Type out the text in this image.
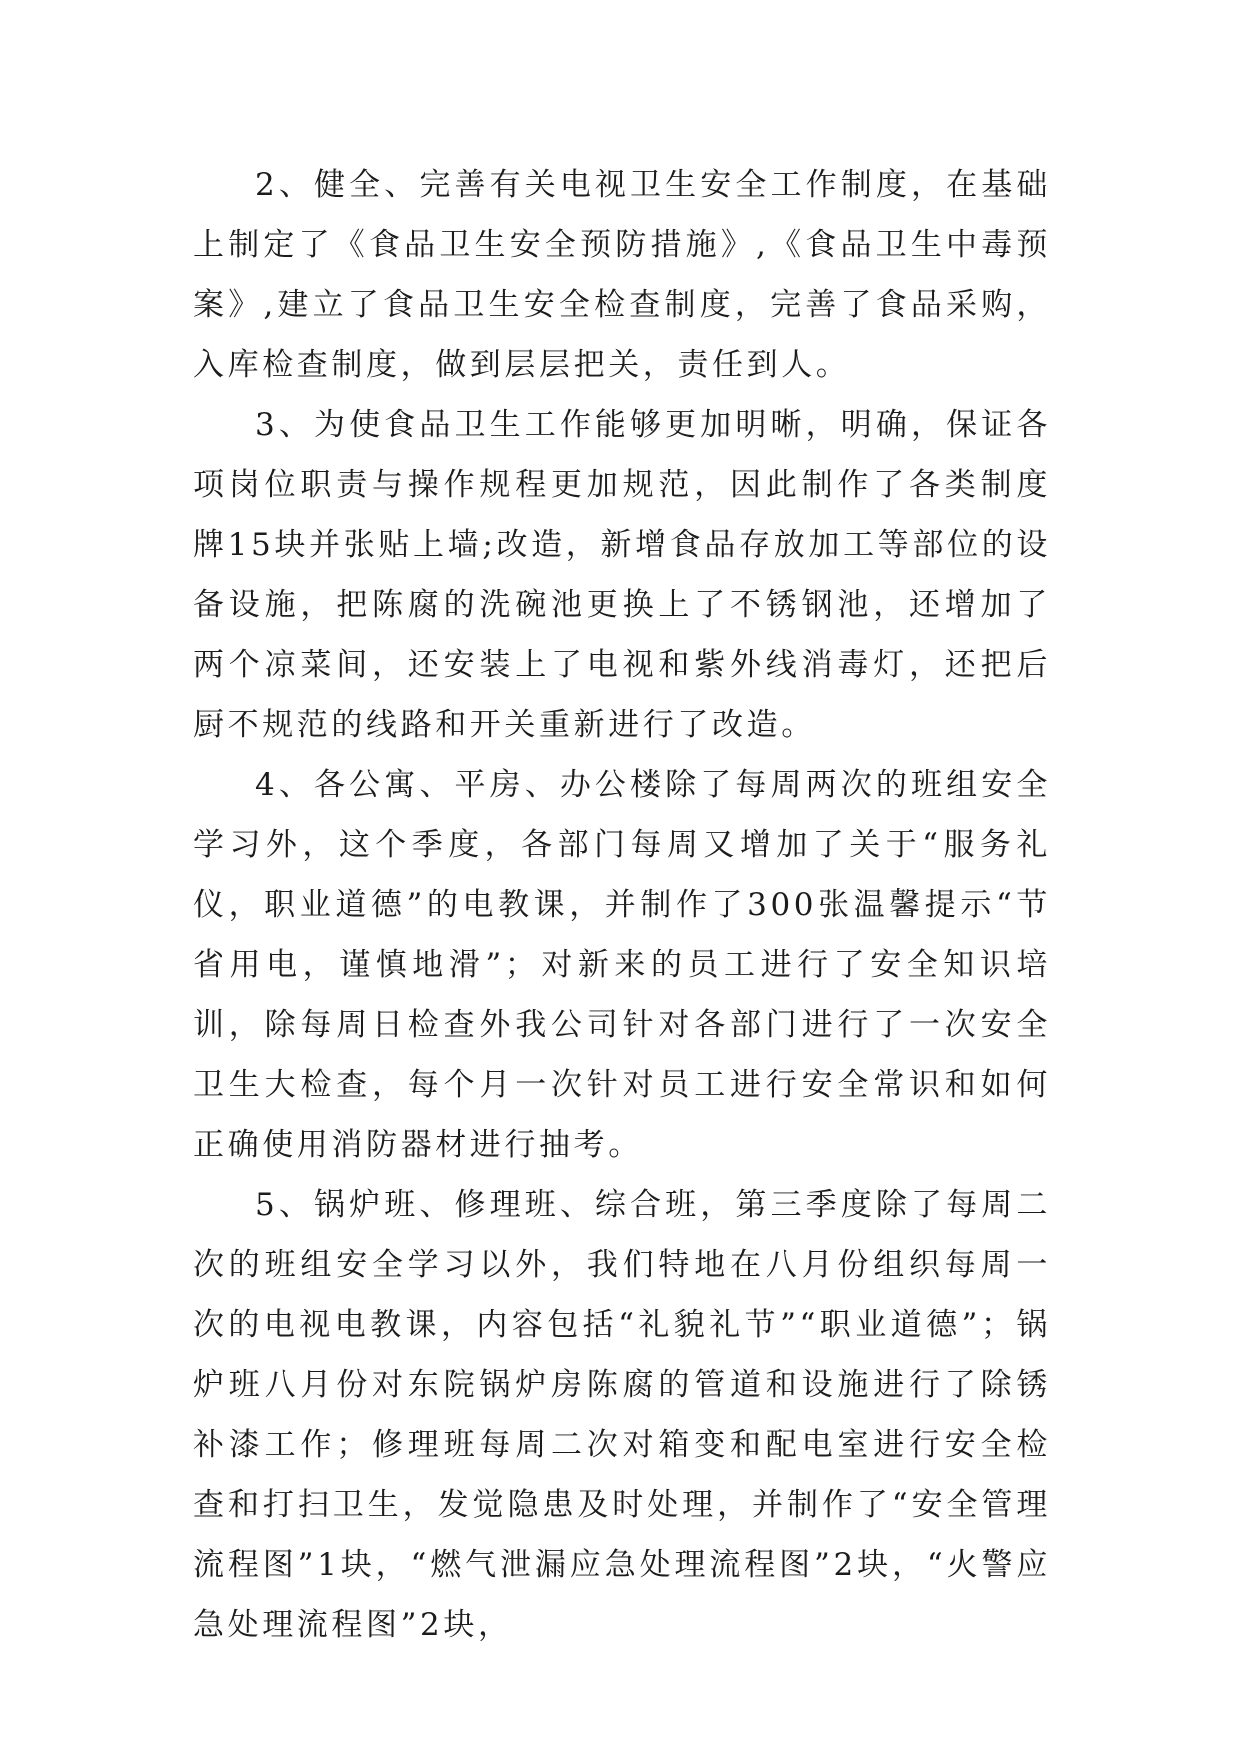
2、健全、完善有关电视卫生安全工作制度，在基础上制定了《食品卫生安全预防措施》,《食品卫生中毒预案》,建立了食品卫生安全检查制度，完善了食品采购，入库检查制度，做到层层把关，责任到人。

3、为使食品卫生工作能够更加明晰，明确，保证各项岗位职责与操作规程更加规范，因此制作了各类制度牌15块并张贴上墙;改造，新增食品存放加工等部位的设备设施，把陈腐的洗碗池更换上了不锈钢池，还增加了两个凉菜间，还安装上了电视和紫外线消毒灯，还把后厨不规范的线路和开关重新进行了改造。

4、各公寓、平房、办公楼除了每周两次的班组安全学习外，这个季度，各部门每周又增加了关于“服务礼仪，职业道德”的电教课，并制作了300张温馨提示“节省用电，谨慎地滑”；对新来的员工进行了安全知识培训，除每周日检查外我公司针对各部门进行了一次安全卫生大检查，每个月一次针对员工进行安全常识和如何正确使用消防器材进行抽考。

5、锅炉班、修理班、综合班，第三季度除了每周二次的班组安全学习以外，我们特地在八月份组织每周一次的电视电教课，内容包括“礼貌礼节”“职业道德”；锅炉班八月份对东院锅炉房陈腐的管道和设施进行了除锈补漆工作；修理班每周二次对箱变和配电室进行安全检查和打扫卫生，发觉隐患及时处理，并制作了“安全管理流程图”1块，“燃气泄漏应急处理流程图”2块，“火警应急处理流程图”2块，
